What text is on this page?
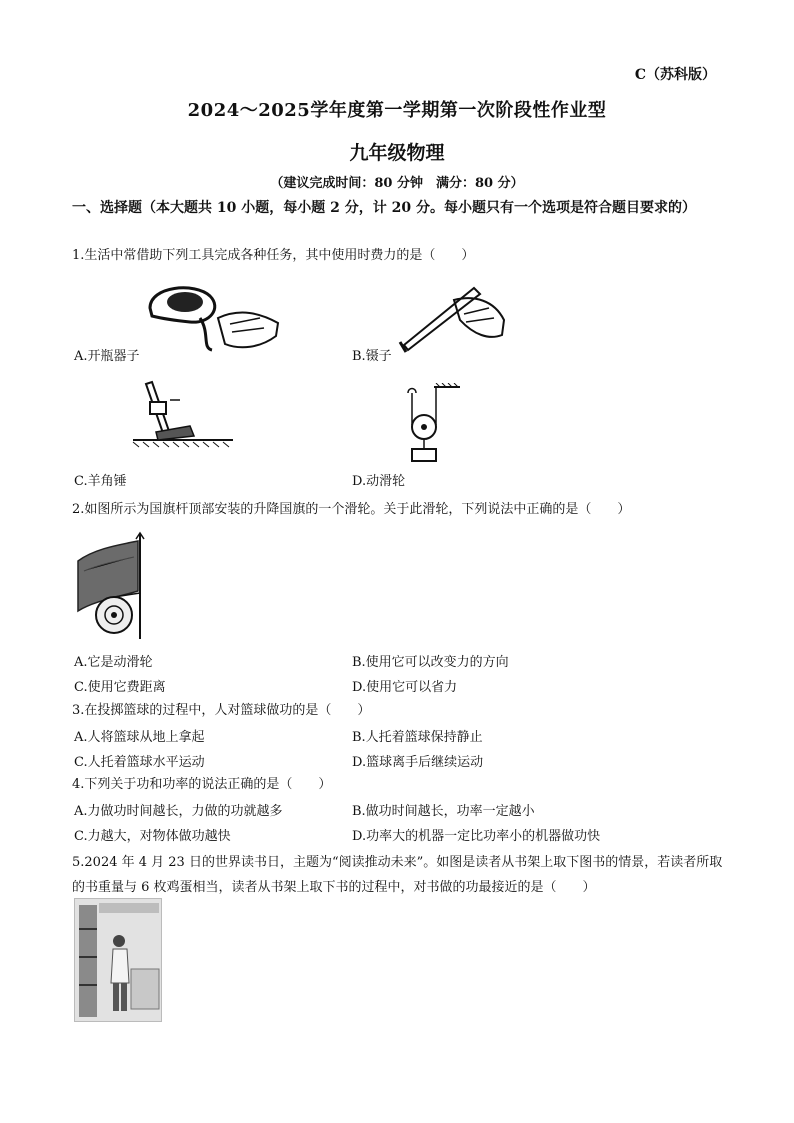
C（苏科版）
2024～2025学年度第一学期第一次阶段性作业型
九年级物理
（建议完成时间：80 分钟　满分：80 分）
一、选择题（本大题共 10 小题，每小题 2 分，计 20 分。每小题只有一个选项是符合题目要求的）
1.生活中常借助下列工具完成各种任务，其中使用时费力的是（　　）
A.开瓶器子	B.镊子
C.羊角锤	D.动滑轮
2.如图所示为国旗杆顶部安装的升降国旗的一个滑轮。关于此滑轮，下列说法中正确的是（　　）
A.它是动滑轮	B.使用它可以改变力的方向
C.使用它费距离	D.使用它可以省力
3.在投掷篮球的过程中，人对篮球做功的是（　　）
A.人将篮球从地上拿起	B.人托着篮球保持静止
C.人托着篮球水平运动	D.篮球离手后继续运动
4.下列关于功和功率的说法正确的是（　　）
A.力做功时间越长，力做的功就越多	B.做功时间越长，功率一定越小
C.力越大，对物体做功越快	D.功率大的机器一定比功率小的机器做功快
5.2024 年 4 月 23 日的世界读书日，主题为“阅读推动未来”。如图是读者从书架上取下图书的情景，若读者所取的书重量与 6 枚鸡蛋相当，读者从书架上取下书的过程中，对书做的功最接近的是（　　）
